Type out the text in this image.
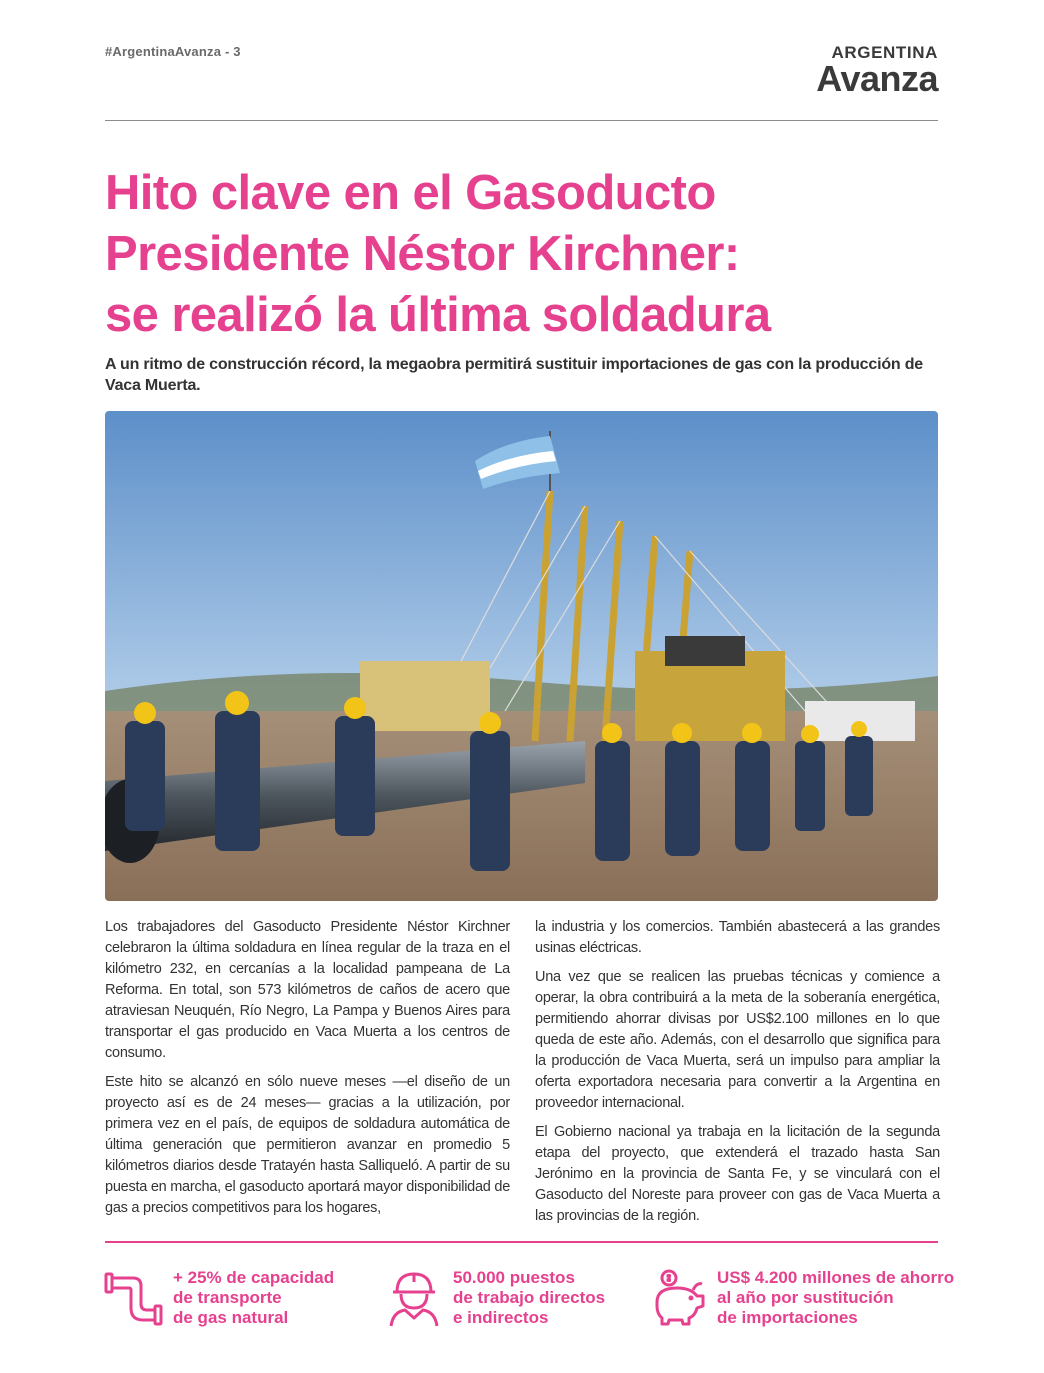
#ArgentinaAvanza - 3	ARGENTINA
Avanza
Hito clave en el Gasoducto
Presidente Néstor Kirchner:
se realizó la última soldadura
A un ritmo de construcción récord, la megaobra permitirá sustituir importaciones de gas con la producción de Vaca Muerta.

Los trabajadores del Gasoducto Presidente Néstor Kirchner celebraron la última soldadura en línea regular de la traza en el kilómetro 232, en cercanías a la localidad pampeana de La Reforma. En total, son 573 kilómetros de caños de acero que atraviesan Neuquén, Río Negro, La Pampa y Buenos Aires para transportar el gas producido en Vaca Muerta a los centros de consumo.

Este hito se alcanzó en sólo nueve meses —el diseño de un proyecto así es de 24 meses— gracias a la utilización, por primera vez en el país, de equipos de soldadura automática de última generación que permitieron avanzar en promedio 5 kilómetros diarios desde Tratayén hasta Salliqueló. A partir de su puesta en marcha, el gasoducto aportará mayor disponibilidad de gas a precios competitivos para los hogares,

la industria y los comercios. También abastecerá a las grandes usinas eléctricas.

Una vez que se realicen las pruebas técnicas y comience a operar, la obra contribuirá a la meta de la soberanía energética, permitiendo ahorrar divisas por US$2.100 millones en lo que queda de este año. Además, con el desarrollo que significa para la producción de Vaca Muerta, será un impulso para ampliar la oferta exportadora necesaria para convertir a la Argentina en proveedor internacional.

El Gobierno nacional ya trabaja en la licitación de la segunda etapa del proyecto, que extenderá el trazado hasta San Jerónimo en la provincia de Santa Fe, y se vinculará con el Gasoducto del Noreste para proveer con gas de Vaca Muerta a las provincias de la región.

+ 25% de capacidad
de transporte
de gas natural
50.000 puestos
de trabajo directos
e indirectos
US$ 4.200 millones de ahorro
al año por sustitución
de importaciones
